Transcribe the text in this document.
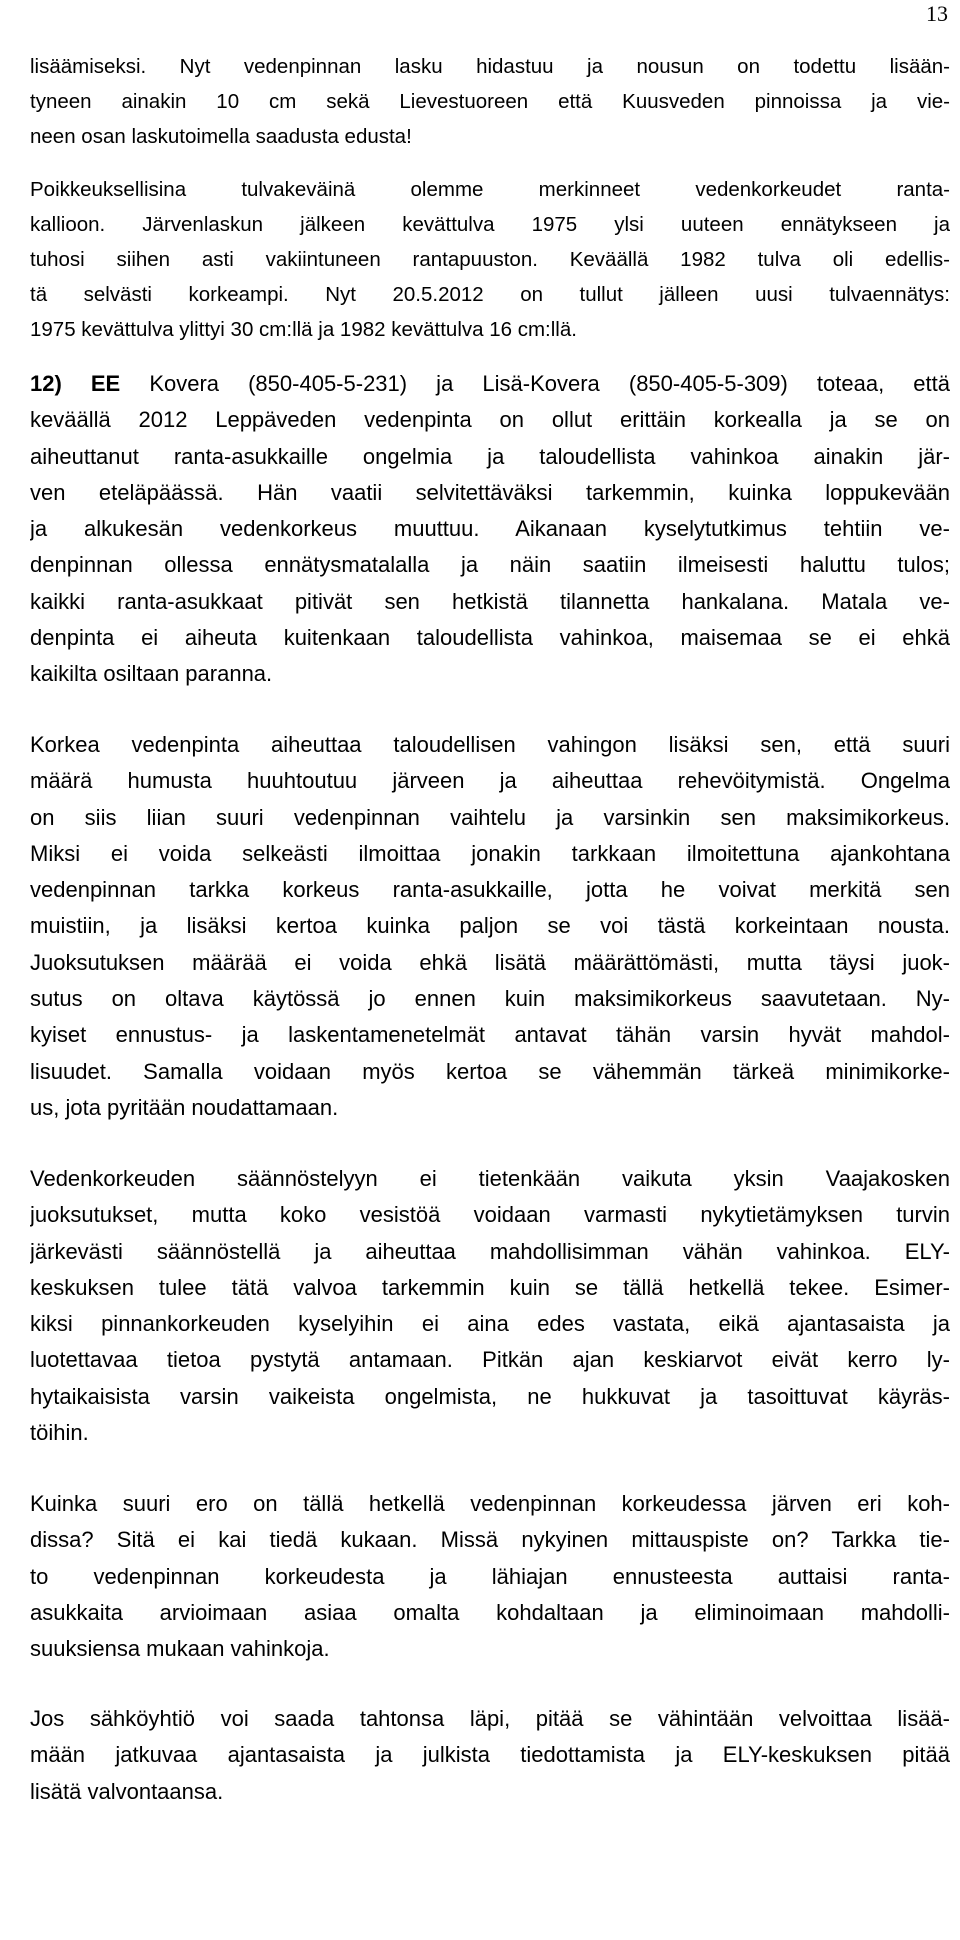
13
lisäämiseksi. Nyt vedenpinnan lasku hidastuu ja nousun on todettu lisään-
tyneen ainakin 10 cm sekä Lievestuoreen että Kuusveden pinnoissa ja vie-
neen osan laskutoimella saadusta edusta!
Poikkeuksellisina tulvakeväinä olemme merkinneet vedenkorkeudet ranta-
kallioon. Järvenlaskun jälkeen kevättulva 1975 ylsi uuteen ennätykseen ja
tuhosi siihen asti vakiintuneen rantapuuston. Keväällä 1982 tulva oli edellis-
tä selvästi korkeampi. Nyt 20.5.2012 on tullut jälleen uusi tulvaennätys:
1975 kevättulva ylittyi 30 cm:llä ja 1982 kevättulva 16 cm:llä.
12) EE Kovera (850-405-5-231) ja Lisä-Kovera (850-405-5-309) toteaa, että
keväällä 2012 Leppäveden vedenpinta on ollut erittäin korkealla ja se on
aiheuttanut ranta-asukkaille ongelmia ja taloudellista vahinkoa ainakin jär-
ven eteläpäässä. Hän vaatii selvitettäväksi tarkemmin, kuinka loppukevään
ja alkukesän vedenkorkeus muuttuu. Aikanaan kyselytutkimus tehtiin ve-
denpinnan ollessa ennätysmatalalla ja näin saatiin ilmeisesti haluttu tulos;
kaikki ranta-asukkaat pitivät sen hetkistä tilannetta hankalana. Matala ve-
denpinta ei aiheuta kuitenkaan taloudellista vahinkoa, maisemaa se ei ehkä
kaikilta osiltaan paranna.
Korkea vedenpinta aiheuttaa taloudellisen vahingon lisäksi sen, että suuri
määrä humusta huuhtoutuu järveen ja aiheuttaa rehevöitymistä. Ongelma
on siis liian suuri vedenpinnan vaihtelu ja varsinkin sen maksimikorkeus.
Miksi ei voida selkeästi ilmoittaa jonakin tarkkaan ilmoitettuna ajankohtana
vedenpinnan tarkka korkeus ranta-asukkaille, jotta he voivat merkitä sen
muistiin, ja lisäksi kertoa kuinka paljon se voi tästä korkeintaan nousta.
Juoksutuksen määrää ei voida ehkä lisätä määrättömästi, mutta täysi juok-
sutus on oltava käytössä jo ennen kuin maksimikorkeus saavutetaan. Ny-
kyiset ennustus- ja laskentamenetelmät antavat tähän varsin hyvät mahdol-
lisuudet. Samalla voidaan myös kertoa se vähemmän tärkeä minimikorke-
us, jota pyritään noudattamaan.
Vedenkorkeuden säännöstelyyn ei tietenkään vaikuta yksin Vaajakosken
juoksutukset, mutta koko vesistöä voidaan varmasti nykytietämyksen turvin
järkevästi säännöstellä ja aiheuttaa mahdollisimman vähän vahinkoa. ELY-
keskuksen tulee tätä valvoa tarkemmin kuin se tällä hetkellä tekee. Esimer-
kiksi pinnankorkeuden kyselyihin ei aina edes vastata, eikä ajantasaista ja
luotettavaa tietoa pystytä antamaan. Pitkän ajan keskiarvot eivät kerro ly-
hytaikaisista varsin vaikeista ongelmista, ne hukkuvat ja tasoittuvat käyräs-
töihin.
Kuinka suuri ero on tällä hetkellä vedenpinnan korkeudessa järven eri koh-
dissa? Sitä ei kai tiedä kukaan. Missä nykyinen mittauspiste on? Tarkka tie-
to vedenpinnan korkeudesta ja lähiajan ennusteesta auttaisi ranta-
asukkaita arvioimaan asiaa omalta kohdaltaan ja eliminoimaan mahdolli-
suuksiensa mukaan vahinkoja.
Jos sähköyhtiö voi saada tahtonsa läpi, pitää se vähintään velvoittaa lisää-
mään jatkuvaa ajantasaista ja julkista tiedottamista ja ELY-keskuksen pitää
lisätä valvontaansa.
